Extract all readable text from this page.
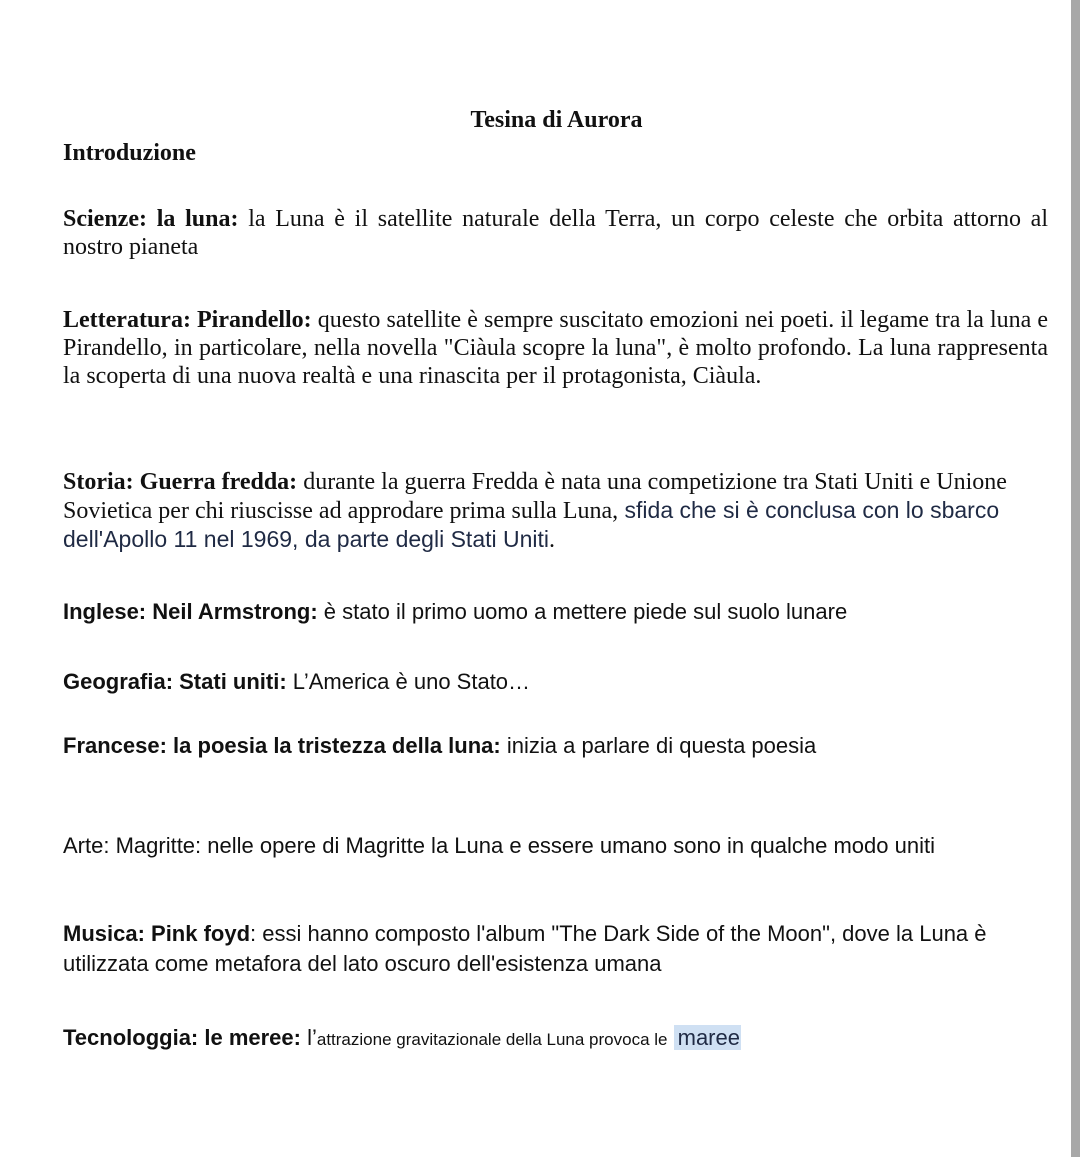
Tesina di Aurora

Introduzione

Scienze: la luna: la Luna è il satellite naturale della Terra, un corpo celeste che orbita attorno al nostro pianeta

Letteratura: Pirandello: questo satellite è sempre suscitato emozioni nei poeti. il legame tra la luna e Pirandello, in particolare, nella novella "Ciàula scopre la luna", è molto profondo. La luna rappresenta la scoperta di una nuova realtà e una rinascita per il protagonista, Ciàula.

Storia: Guerra fredda: durante la guerra Fredda è nata una competizione tra Stati Uniti e Unione Sovietica per chi riuscisse ad approdare prima sulla Luna, sfida che si è conclusa con lo sbarco dell'Apollo 11 nel 1969, da parte degli Stati Uniti.

Inglese: Neil Armstrong: è stato il primo uomo a mettere piede sul suolo lunare

Geografia: Stati uniti: L’America è uno Stato…

Francese: la poesia la tristezza della luna: inizia a parlare di questa poesia

Arte: Magritte: nelle opere di Magritte la Luna e essere umano sono in qualche modo uniti

Musica: Pink foyd: essi hanno composto l'album "The Dark Side of the Moon", dove la Luna è utilizzata come metafora del lato oscuro dell'esistenza umana

Tecnologgia: le meree: l’attrazione gravitazionale della Luna provoca le maree
